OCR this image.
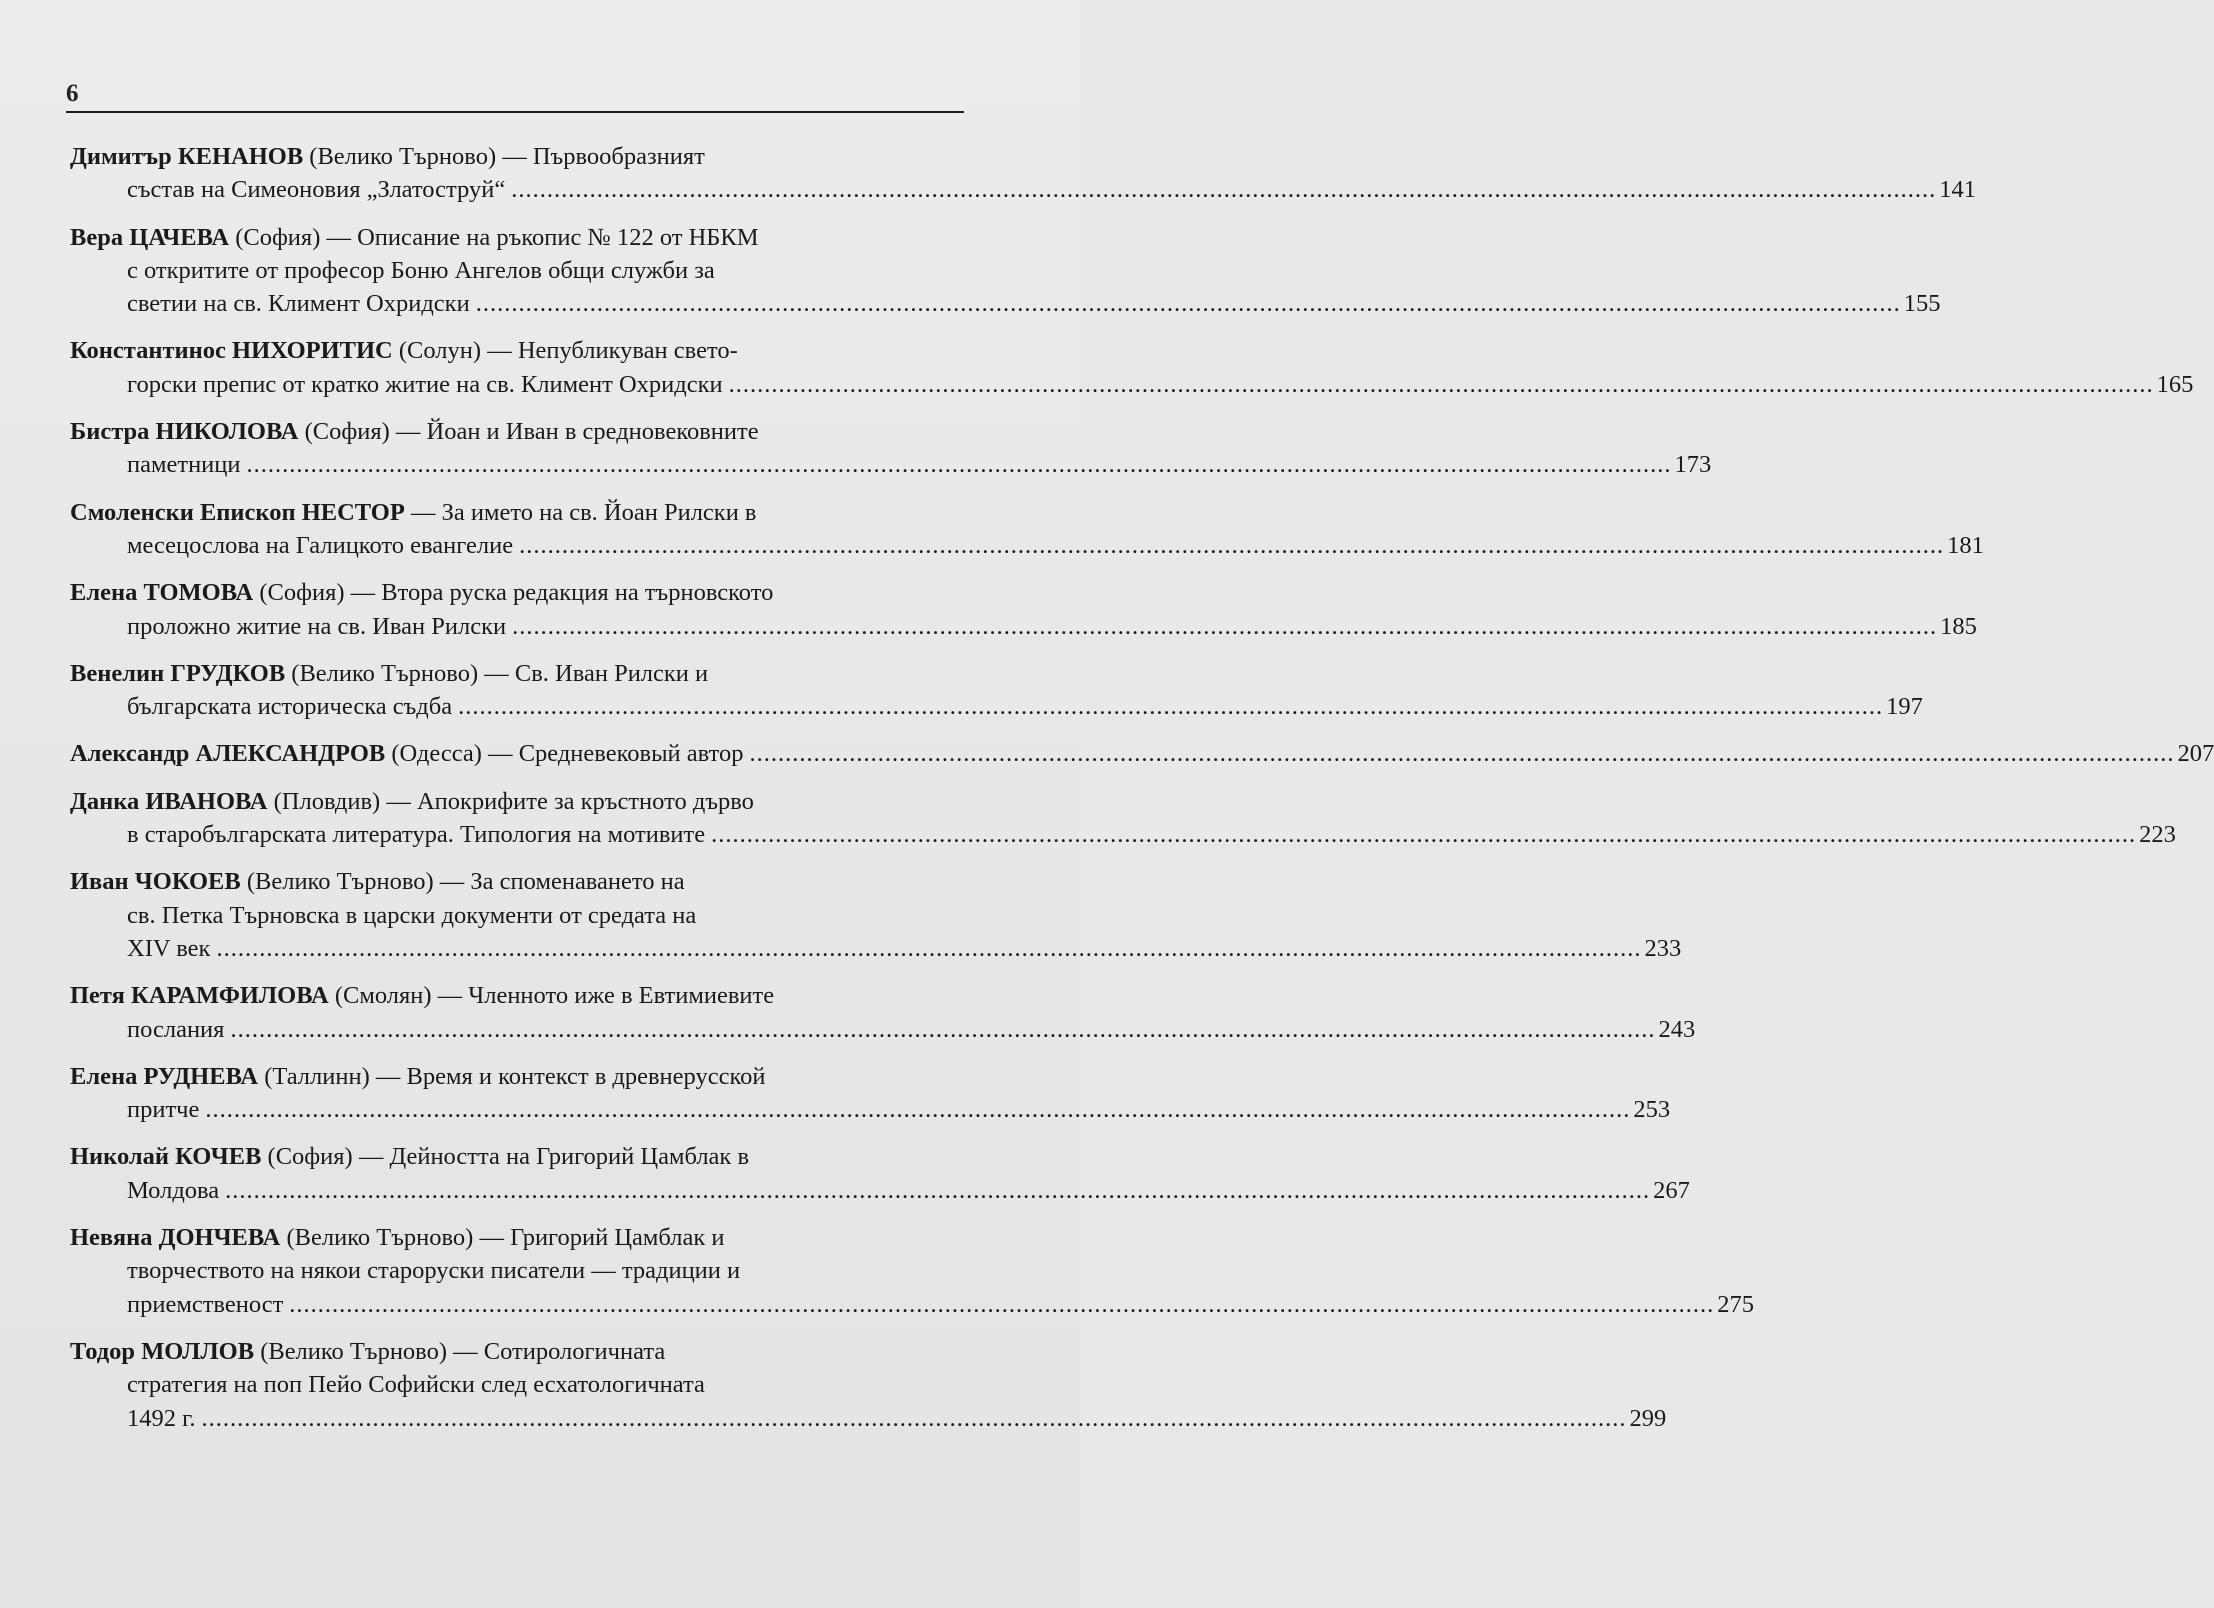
6
Димитър КЕНАНОВ (Велико Търново) — Първообразният
състав на Симеоновия „Златоструй“ ........................................................................................................................................................................................................ 141
Вера ЦАЧЕВА (София) — Описание на ръкопис № 122 от НБКМ
с откритите от професор Боню Ангелов общи служби за
светии на св. Климент Охридски ........................................................................................................................................................................................................ 155
Константинос НИХОРИТИС (Солун) — Непубликуван свето-
горски препис от кратко житие на св. Климент Охридски ........................................................................................................................................................................................................ 165
Бистра НИКОЛОВА (София) — Йоан и Иван в средновековните
паметници ........................................................................................................................................................................................................ 173
Смоленски Епископ НЕСТОР — За името на св. Йоан Рилски в
месецослова на Галицкото евангелие ........................................................................................................................................................................................................ 181
Елена ТОМОВА (София) — Втора руска редакция на търновското
проложно житие на св. Иван Рилски ........................................................................................................................................................................................................ 185
Венелин ГРУДКОВ (Велико Търново) — Св. Иван Рилски и
българската историческа съдба ........................................................................................................................................................................................................ 197
Александр АЛЕКСАНДРОВ (Одесса) — Средневековый автор ........................................................................................................................................................................................................ 207
Данка ИВАНОВА (Пловдив) — Апокрифите за кръстното дърво
в старобългарската литература. Типология на мотивите ........................................................................................................................................................................................................ 223
Иван ЧОКОЕВ (Велико Търново) — За споменаването на
св. Петка Търновска в царски документи от средата на
XIV век ........................................................................................................................................................................................................ 233
Петя КАРАМФИЛОВА (Смолян) — Членното иже в Евтимиевите
послания ........................................................................................................................................................................................................ 243
Елена РУДНЕВА (Таллинн) — Время и контекст в древнерусской
притче ........................................................................................................................................................................................................ 253
Николай КОЧЕВ (София) — Дейността на Григорий Цамблак в
Молдова ........................................................................................................................................................................................................ 267
Невяна ДОНЧЕВА (Велико Търново) — Григорий Цамблак и
творчеството на някои староруски писатели — традиции и
приемственост ........................................................................................................................................................................................................ 275
Тодор МОЛЛОВ (Велико Търново) — Сотирологичната
стратегия на поп Пейо Софийски след есхатологичната
1492 г. ........................................................................................................................................................................................................ 299
